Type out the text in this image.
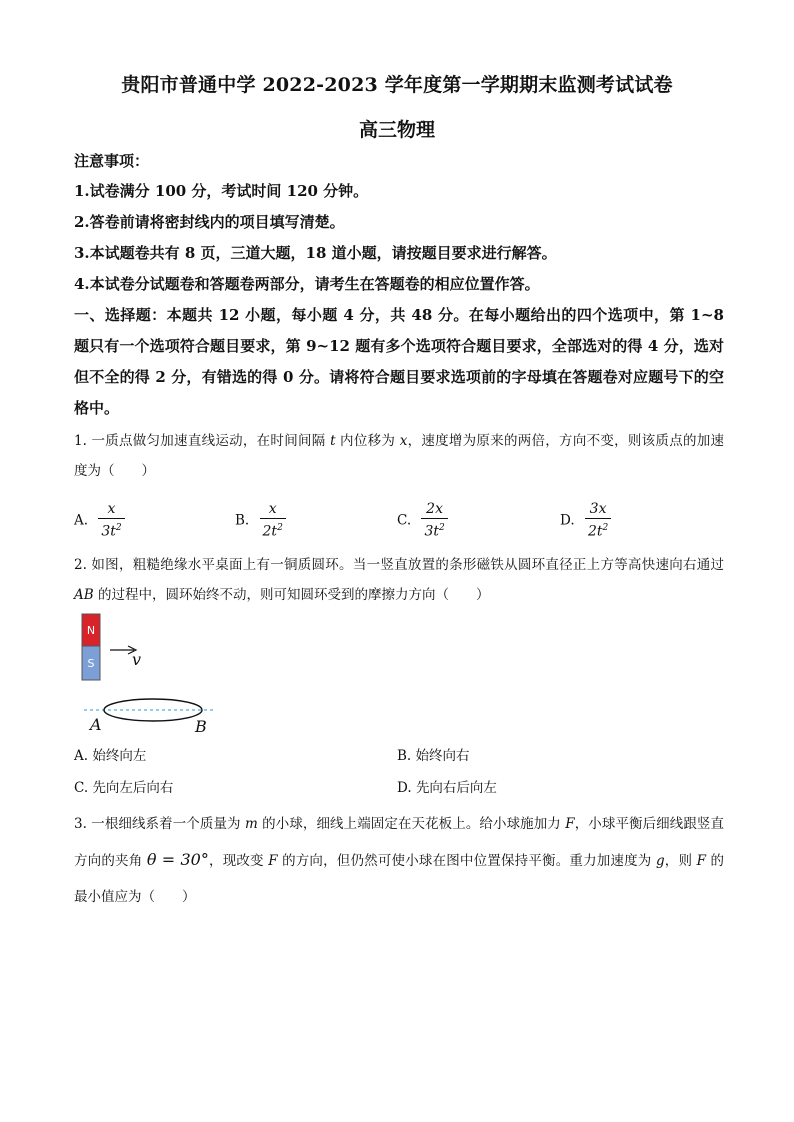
贵阳市普通中学 2022-2023 学年度第一学期期末监测考试试卷
高三物理
注意事项：
1.试卷满分 100 分，考试时间 120 分钟。
2.答卷前请将密封线内的项目填写清楚。
3.本试题卷共有 8 页，三道大题，18 道小题，请按题目要求进行解答。
4.本试卷分试题卷和答题卷两部分，请考生在答题卷的相应位置作答。
一、选择题：本题共 12 小题，每小题 4 分，共 48 分。在每小题给出的四个选项中，第 1~8 题只有一个选项符合题目要求，第 9~12 题有多个选项符合题目要求，全部选对的得 4 分，选对但不全的得 2 分，有错选的得 0 分。请将符合题目要求选项前的字母填在答题卷对应题号下的空格中。
1. 一质点做匀加速直线运动，在时间间隔 t 内位移为 x，速度增为原来的两倍，方向不变，则该质点的加速度为（　　）
A. $\frac{x}{3t^2}$	B. $\frac{x}{2t^2}$	C. $\frac{2x}{3t^2}$	D. $\frac{3x}{2t^2}$
2. 如图，粗糙绝缘水平桌面上有一铜质圆环。当一竖直放置的条形磁铁从圆环直径正上方等高快速向右通过 AB 的过程中，圆环始终不动，则可知圆环受到的摩擦力方向（　　）
N
S v
A	B
A. 始终向左	B. 始终向右
C. 先向左后向右	D. 先向右后向左
3. 一根细线系着一个质量为 m 的小球，细线上端固定在天花板上。给小球施加力 F，小球平衡后细线跟竖直方向的夹角 θ = 30°，现改变 F 的方向，但仍然可使小球在图中位置保持平衡。重力加速度为 g，则 F 的最小值应为（　　）
